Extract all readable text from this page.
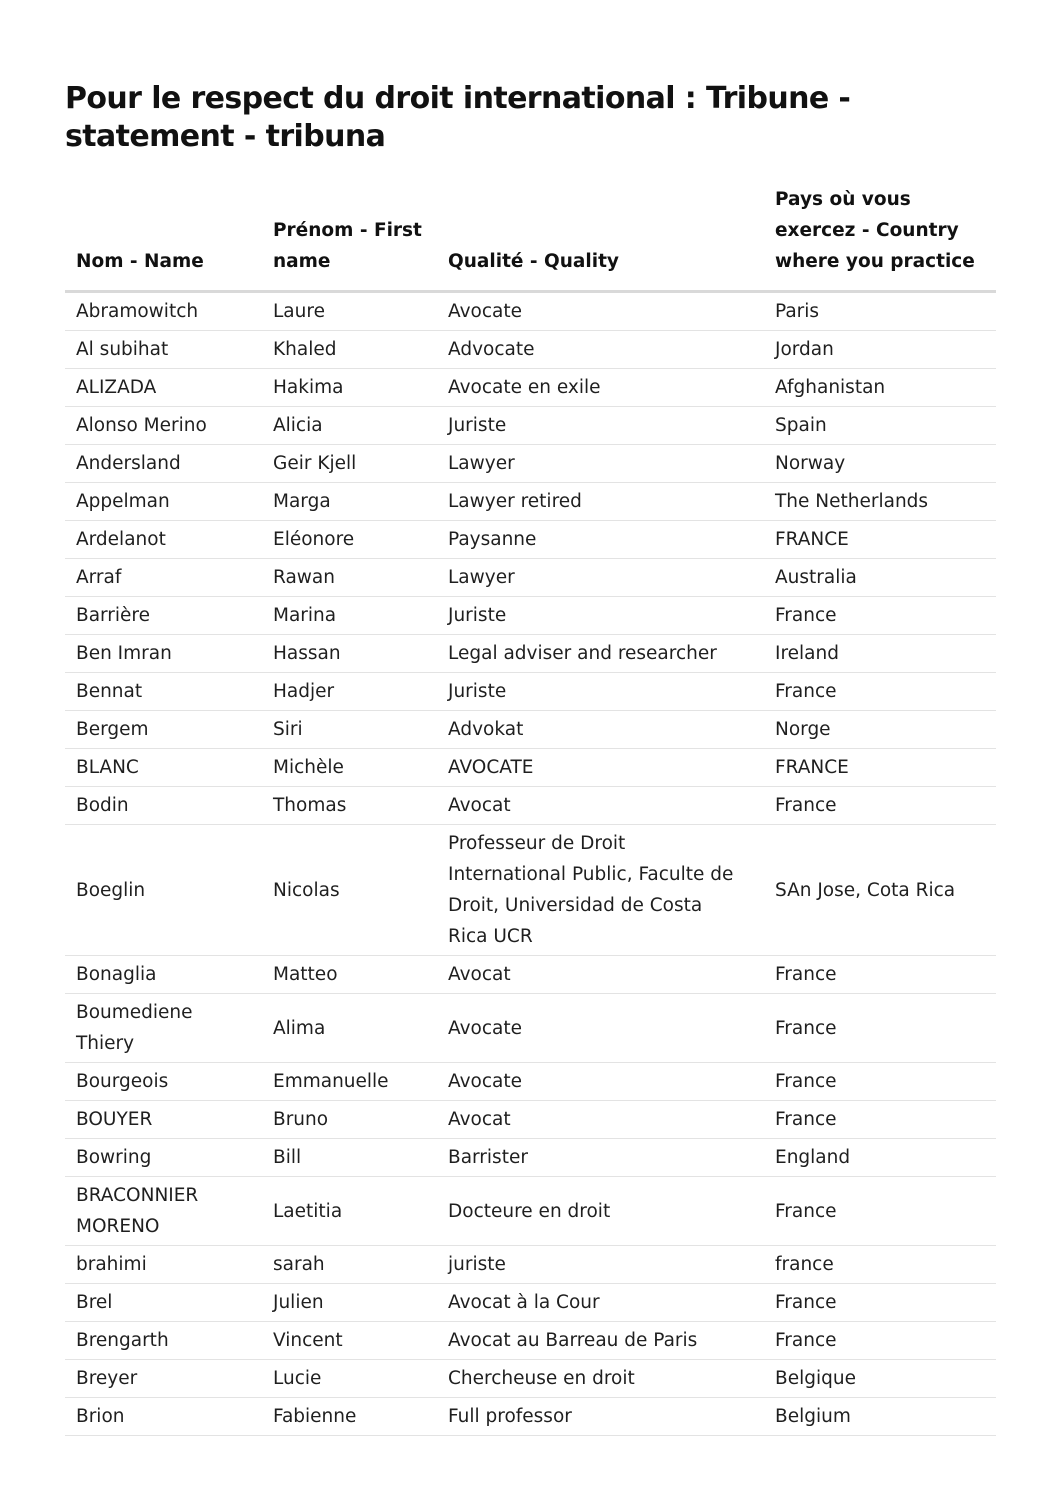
Pour le respect du droit international : Tribune - statement - tribuna
Nom - Name	Prénom - First name	Qualité - Quality	Pays où vous exercez - Country where you practice

Abramowitch	Laure	Avocate	Paris

Al subihat	Khaled	Advocate	Jordan

ALIZADA	Hakima	Avocate en exile	Afghanistan

Alonso Merino	Alicia	Juriste	Spain

Andersland	Geir Kjell	Lawyer	Norway

Appelman	Marga	Lawyer retired	The Netherlands

Ardelanot	Eléonore	Paysanne	FRANCE

Arraf	Rawan	Lawyer	Australia

Barrière	Marina	Juriste	France

Ben Imran	Hassan	Legal adviser and researcher	Ireland

Bennat	Hadjer	Juriste	France

Bergem	Siri	Advokat	Norge

BLANC	Michèle	AVOCATE	FRANCE

Bodin	Thomas	Avocat	France

Boeglin	Nicolas	Professeur de Droit International Public, Faculte de Droit, Universidad de Costa Rica UCR	SAn Jose, Cota Rica

Bonaglia	Matteo	Avocat	France

Boumediene Thiery	Alima	Avocate	France

Bourgeois	Emmanuelle	Avocate	France

BOUYER	Bruno	Avocat	France

Bowring	Bill	Barrister	England

BRACONNIER MORENO	Laetitia	Docteure en droit	France

brahimi	sarah	juriste	france

Brel	Julien	Avocat à la Cour	France

Brengarth	Vincent	Avocat au Barreau de Paris	France

Breyer	Lucie	Chercheuse en droit	Belgique

Brion	Fabienne	Full professor	Belgium
